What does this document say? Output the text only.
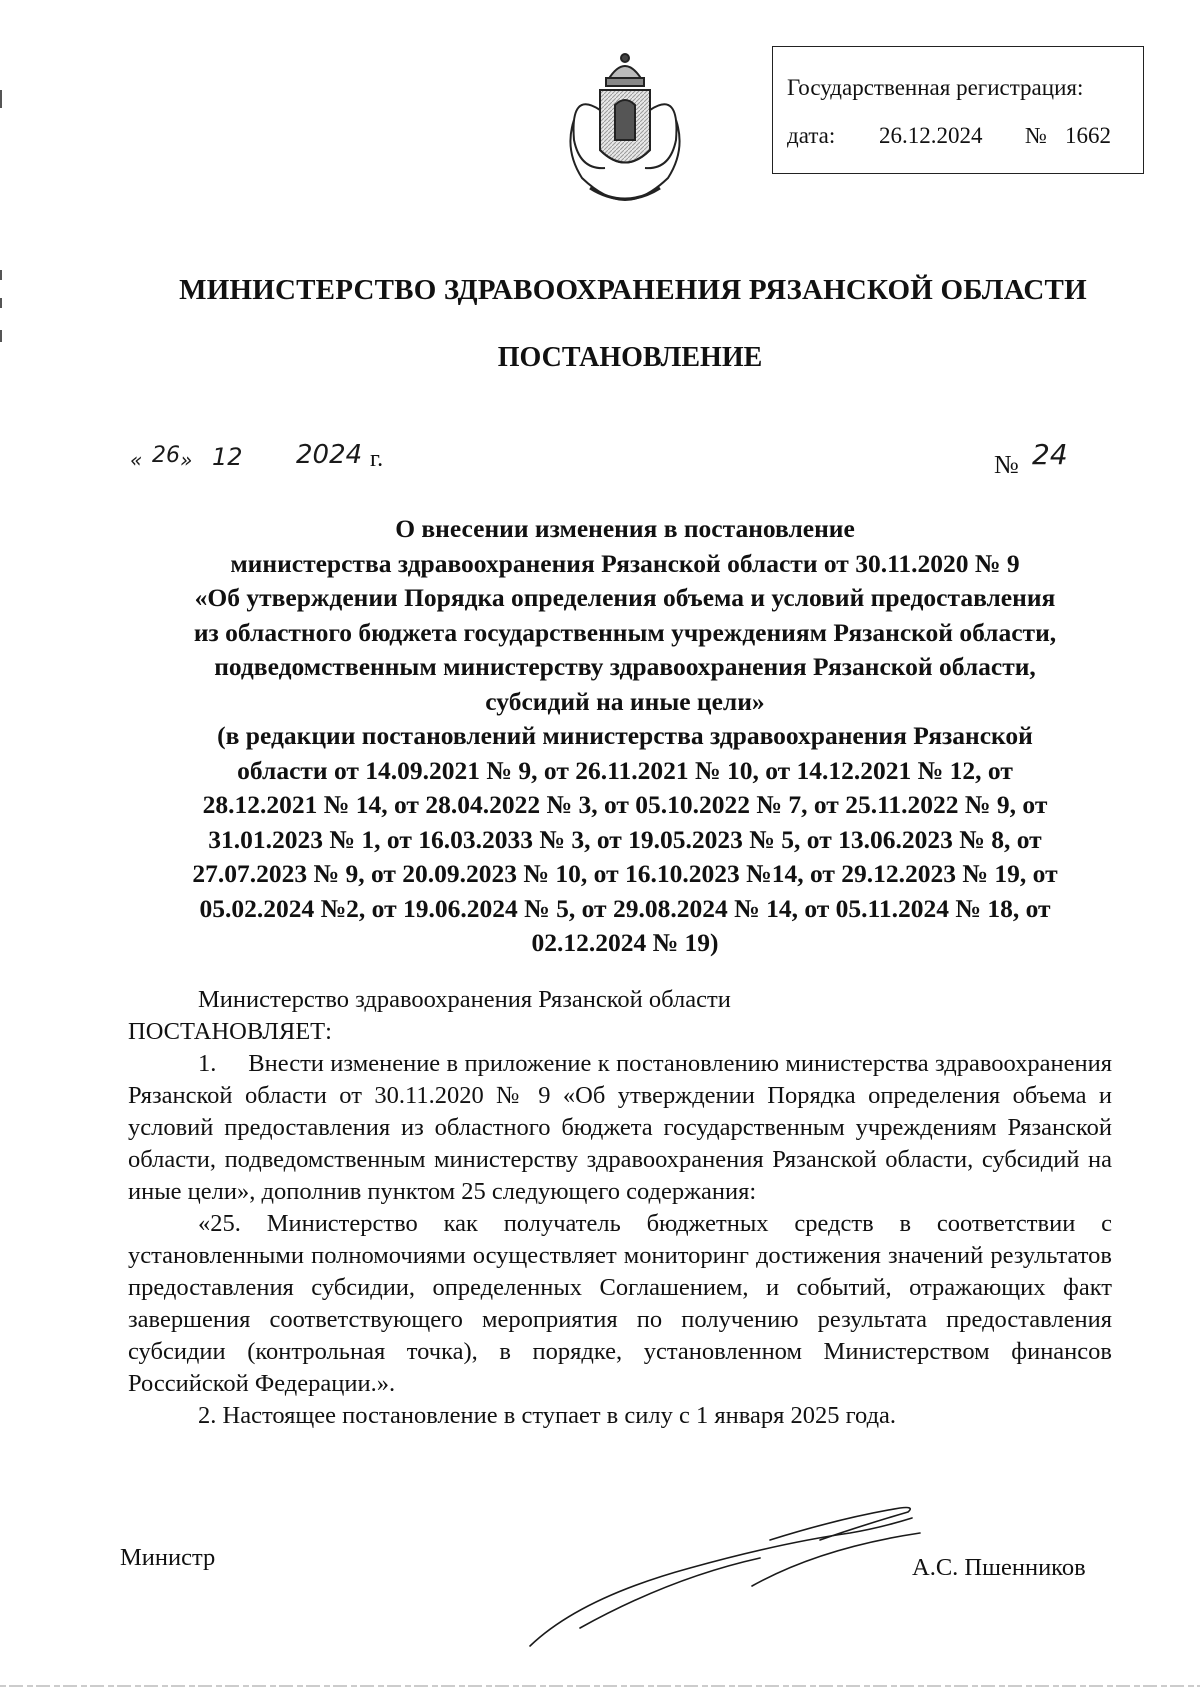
Государственная регистрация:
дата: 26.12.2024 № 1662
МИНИСТЕРСТВО ЗДРАВООХРАНЕНИЯ РЯЗАНСКОЙ ОБЛАСТИ
ПОСТАНОВЛЕНИЕ
« 26 » 12 2024 г.	№ 24
О внесении изменения в постановление
министерства здравоохранения Рязанской области от 30.11.2020 № 9
«Об утверждении Порядка определения объема и условий предоставления
из областного бюджета государственным учреждениям Рязанской области,
подведомственным министерству здравоохранения Рязанской области,
субсидий на иные цели»
(в редакции постановлений министерства здравоохранения Рязанской
области от 14.09.2021 № 9, от 26.11.2021 № 10, от 14.12.2021 № 12, от
28.12.2021 № 14, от 28.04.2022 № 3, от 05.10.2022 № 7, от 25.11.2022 № 9, от
31.01.2023 № 1, от 16.03.2033 № 3, от 19.05.2023 № 5, от 13.06.2023 № 8, от
27.07.2023 № 9, от 20.09.2023 № 10, от 16.10.2023 №14, от 29.12.2023 № 19, от
05.02.2024 №2, от 19.06.2024 № 5, от 29.08.2024 № 14, от 05.11.2024 № 18, от
02.12.2024 № 19)

Министерство здравоохранения Рязанской области

ПОСТАНОВЛЯЕТ:

1. Внести изменение в приложение к постановлению министерства здравоохранения Рязанской области от 30.11.2020 № 9 «Об утверждении Порядка определения объема и условий предоставления из областного бюджета государственным учреждениям Рязанской области, подведомственным министерству здравоохранения Рязанской области, субсидий на иные цели», дополнив пунктом 25 следующего содержания:

«25. Министерство как получатель бюджетных средств в соответствии с установленными полномочиями осуществляет мониторинг достижения значений результатов предоставления субсидии, определенных Соглашением, и событий, отражающих факт завершения соответствующего мероприятия по получению результата предоставления субсидии (контрольная точка), в порядке, установленном Министерством финансов Российской Федерации.».

2. Настоящее постановление в ступает в силу с 1 января 2025 года.

Министр	А.С. Пшенников
